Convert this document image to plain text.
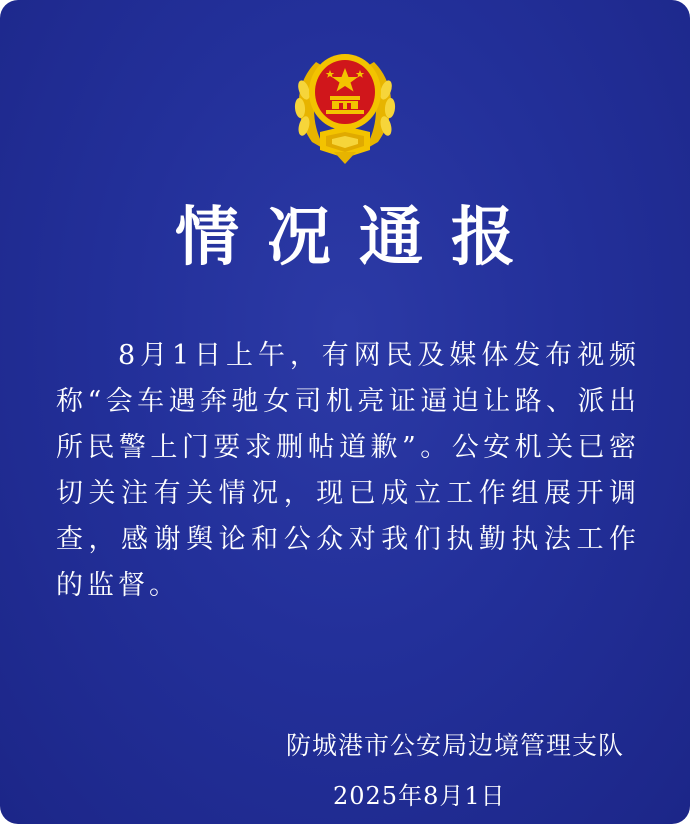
情况通报
8月1日上午，有网民及媒体发布视频称“会车遇奔驰女司机亮证逼迫让路、派出所民警上门要求删帖道歉”。公安机关已密切关注有关情况，现已成立工作组展开调查，感谢舆论和公众对我们执勤执法工作的监督。
防城港市公安局边境管理支队
2025年8月1日
